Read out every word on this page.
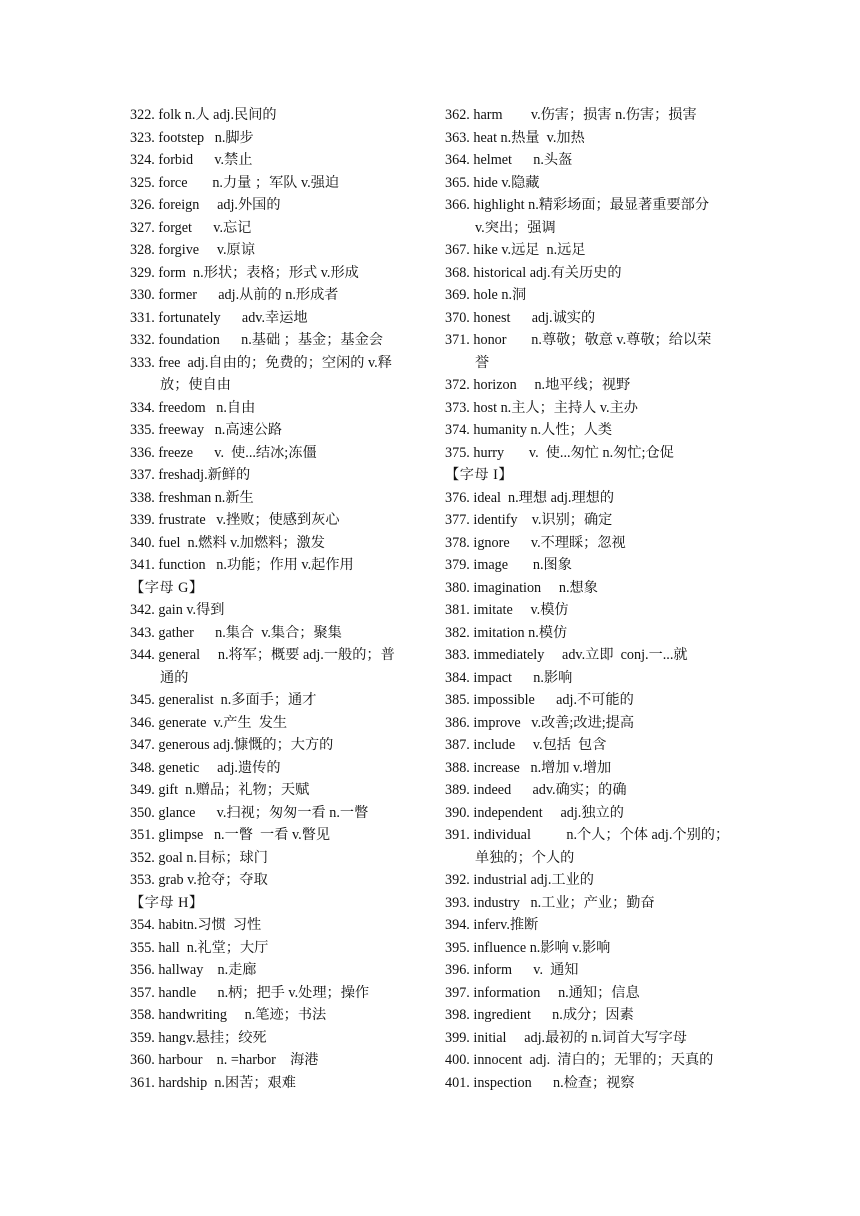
322. folk n.人 adj.民间的
323. footstep   n.脚步
324. forbid      v.禁止
325. force       n.力量 ；军队 v.强迫
326. foreign     adj.外国的
327. forget      v.忘记
328. forgive     v.原谅
329. form  n.形状；表格；形式 v.形成
330. former      adj.从前的 n.形成者
331. fortunately      adv.幸运地
332. foundation      n.基础 ；基金；基金会
333. free  adj.自由的；免费的；空闲的 v.释
放；使自由
334. freedom   n.自由
335. freeway   n.高速公路
336. freeze      v.  使...结冰;冻僵
337. freshadj.新鲜的
338. freshman n.新生
339. frustrate   v.挫败；使感到灰心
340. fuel  n.燃料 v.加燃料；激发
341. function   n.功能；作用 v.起作用
【字母 G】
342. gain v.得到
343. gather      n.集合  v.集合；聚集
344. general     n.将军；概要 adj.一般的；普
通的
345. generalist  n.多面手；通才
346. generate  v.产生  发生
347. generous adj.慷慨的；大方的
348. genetic     adj.遗传的
349. gift  n.赠品；礼物；天赋
350. glance      v.扫视；匆匆一看 n.一瞥
351. glimpse   n.一瞥  一看 v.瞥见
352. goal n.目标；球门
353. grab v.抢夺；夺取
【字母 H】
354. habitn.习惯  习性
355. hall  n.礼堂；大厅
356. hallway    n.走廊
357. handle      n.柄；把手 v.处理；操作
358. handwriting     n.笔迹；书法
359. hangv.悬挂；绞死
360. harbour    n. =harbor    海港
361. hardship  n.困苦；艰难
362. harm        v.伤害；损害 n.伤害；损害
363. heat n.热量  v.加热
364. helmet      n.头盔
365. hide v.隐藏
366. highlight n.精彩场面；最显著重要部分
v.突出；强调
367. hike v.远足  n.远足
368. historical adj.有关历史的
369. hole n.洞
370. honest      adj.诚实的
371. honor       n.尊敬；敬意 v.尊敬；给以荣
誉
372. horizon     n.地平线；视野
373. host n.主人；主持人 v.主办
374. humanity n.人性；人类
375. hurry       v.  使...匆忙 n.匆忙;仓促
【字母 I】
376. ideal  n.理想 adj.理想的
377. identify    v.识别；确定
378. ignore      v.不理睬；忽视
379. image       n.图象
380. imagination     n.想象
381. imitate     v.模仿
382. imitation n.模仿
383. immediately     adv.立即  conj.一...就
384. impact      n.影响
385. impossible      adj.不可能的
386. improve   v.改善;改进;提高
387. include     v.包括  包含
388. increase   n.增加 v.增加
389. indeed      adv.确实；的确
390. independent     adj.独立的
391. individual          n.个人；个体 adj.个别的；
单独的；个人的
392. industrial adj.工业的
393. industry   n.工业；产业；勤奋
394. inferv.推断
395. influence n.影响 v.影响
396. inform      v.  通知
397. information     n.通知；信息
398. ingredient      n.成分；因素
399. initial     adj.最初的 n.词首大写字母
400. innocent  adj.  清白的；无罪的；天真的
401. inspection      n.检查；视察
